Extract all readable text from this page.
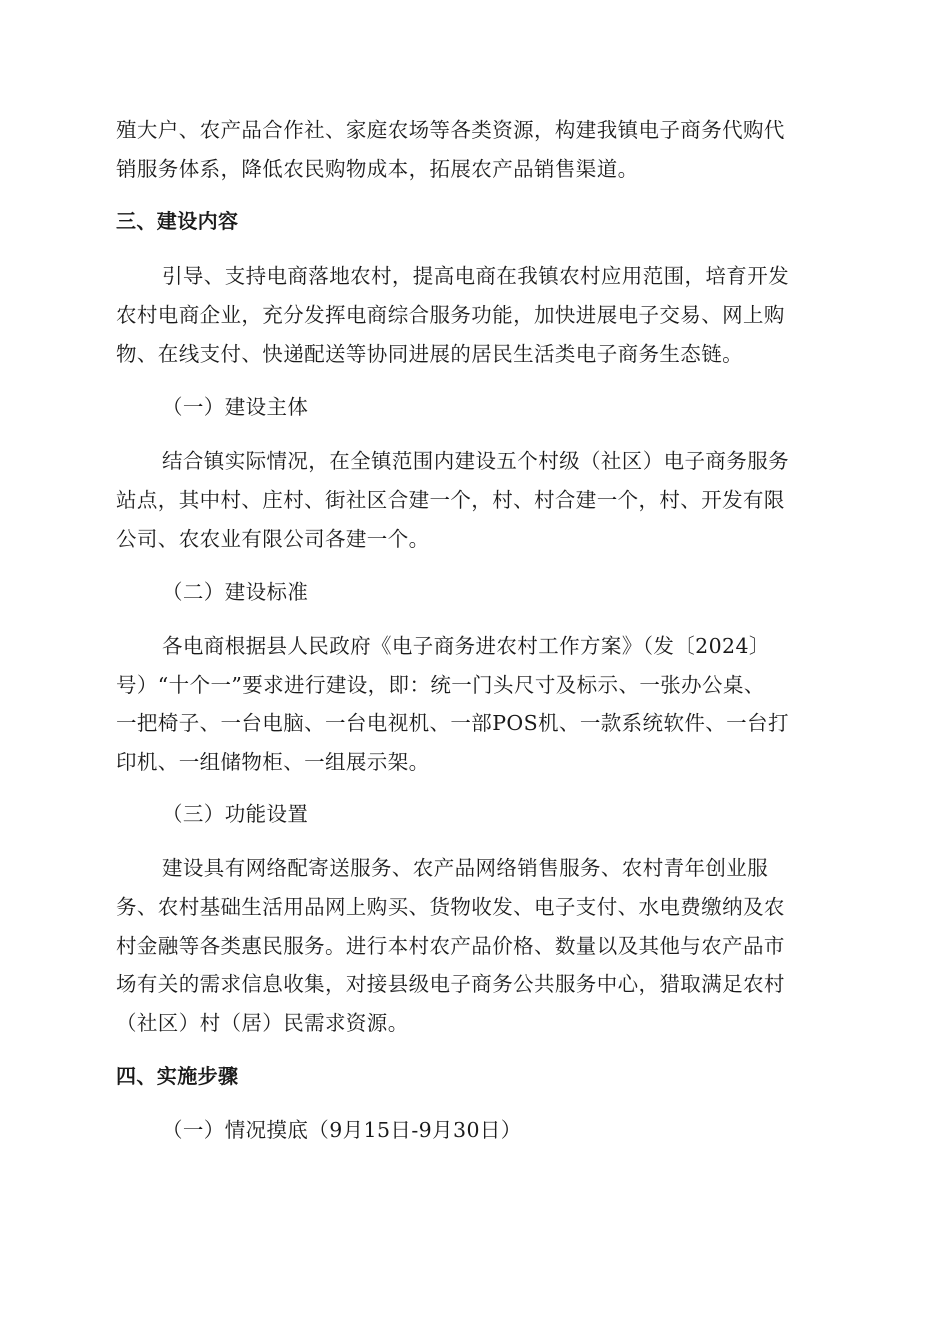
殖大户、农产品合作社、家庭农场等各类资源，构建我镇电子商务代购代
销服务体系，降低农民购物成本，拓展农产品销售渠道。
三、建设内容
引导、支持电商落地农村，提高电商在我镇农村应用范围，培育开发
农村电商企业，充分发挥电商综合服务功能，加快进展电子交易、网上购
物、在线支付、快递配送等协同进展的居民生活类电子商务生态链。
（一）建设主体
结合镇实际情况，在全镇范围内建设五个村级（社区）电子商务服务
站点，其中村、庄村、街社区合建一个，村、村合建一个，村、开发有限
公司、农农业有限公司各建一个。
（二）建设标准
各电商根据县人民政府《电子商务进农村工作方案》（发〔2024〕
号）“十个一”要求进行建设，即：统一门头尺寸及标示、一张办公桌、
一把椅子、一台电脑、一台电视机、一部POS机、一款系统软件、一台打
印机、一组储物柜、一组展示架。
（三）功能设置
建设具有网络配寄送服务、农产品网络销售服务、农村青年创业服
务、农村基础生活用品网上购买、货物收发、电子支付、水电费缴纳及农
村金融等各类惠民服务。进行本村农产品价格、数量以及其他与农产品市
场有关的需求信息收集，对接县级电子商务公共服务中心，猎取满足农村
（社区）村（居）民需求资源。
四、实施步骤
（一）情况摸底（9月15日-9月30日）
